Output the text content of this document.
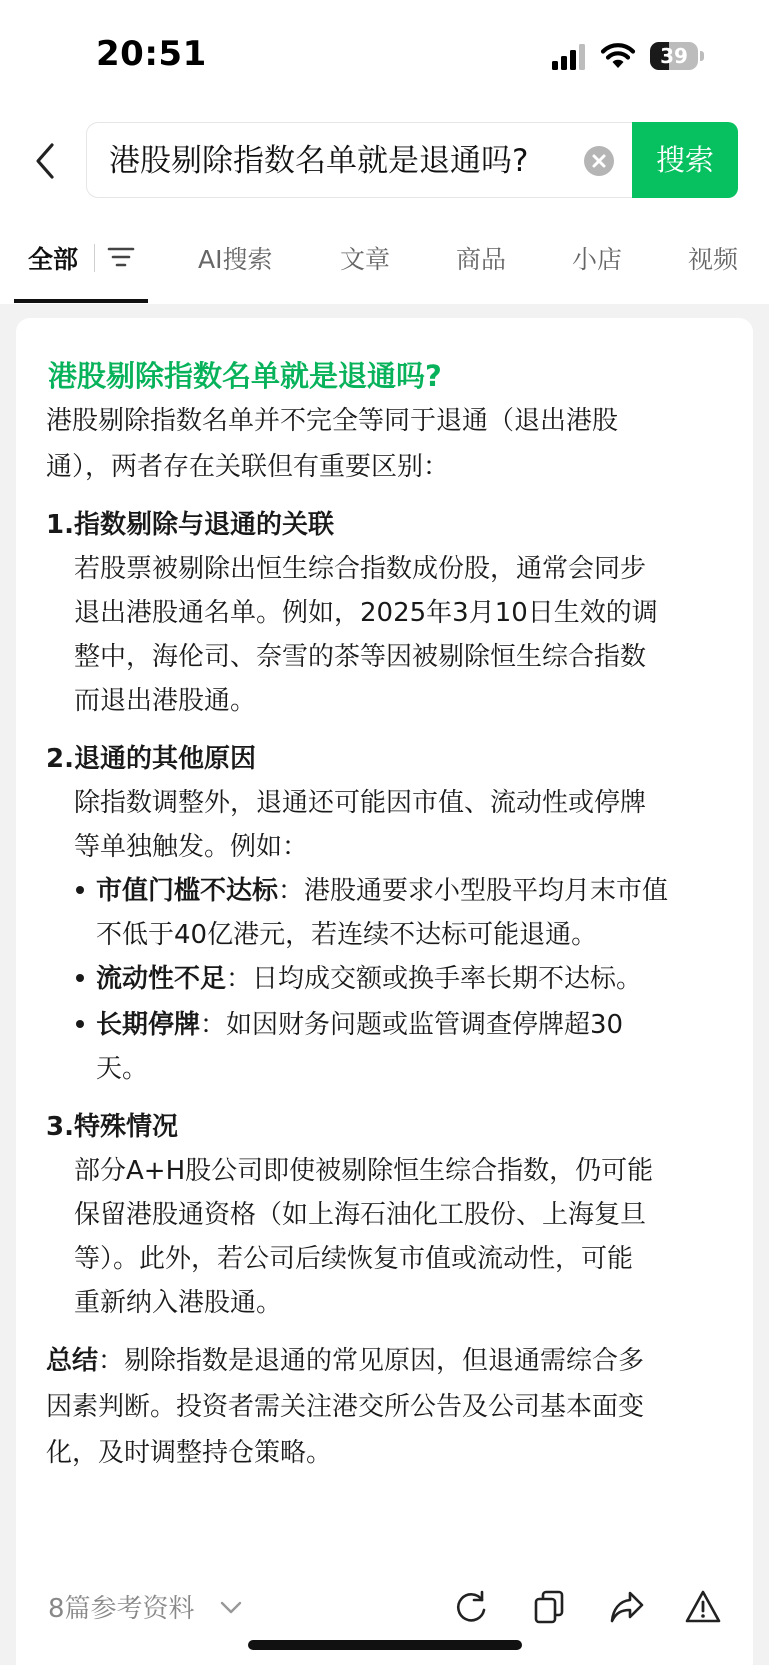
20:51	39
港股剔除指数名单就是退通吗?	搜索
全部	AI搜索	文章	商品	小店	视频
港股剔除指数名单就是退通吗?
港股剔除指数名单并不完全等同于退通（退出港股
通），两者存在关联但有重要区别：
1. 指数剔除与退通的关联
若股票被剔除出恒生综合指数成份股，通常会同步
退出港股通名单。例如，2025年3月10日生效的调
整中，海伦司、奈雪的茶等因被剔除恒生综合指数
而退出港股通。
2. 退通的其他原因
除指数调整外，退通还可能因市值、流动性或停牌
等单独触发。例如：
市值门槛不达标：港股通要求小型股平均月末市值
不低于40亿港元，若连续不达标可能退通。
流动性不足：日均成交额或换手率长期不达标。
长期停牌：如因财务问题或监管调查停牌超30
天。
3. 特殊情况
部分A+H股公司即使被剔除恒生综合指数，仍可能
保留港股通资格（如上海石油化工股份、上海复旦
等）。此外，若公司后续恢复市值或流动性，可能
重新纳入港股通。
总结：剔除指数是退通的常见原因，但退通需综合多
因素判断。投资者需关注港交所公告及公司基本面变
化，及时调整持仓策略。
8篇参考资料
